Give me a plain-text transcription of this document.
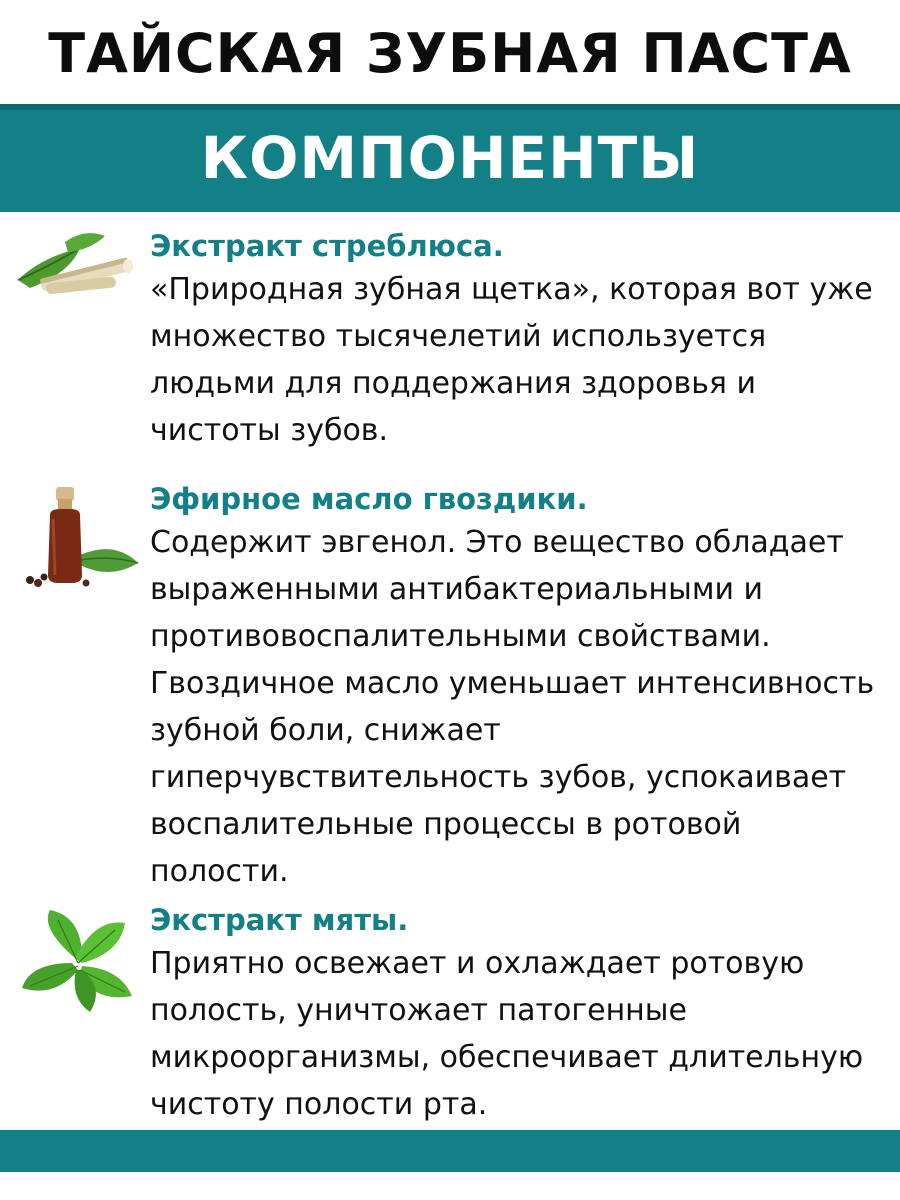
ТАЙСКАЯ ЗУБНАЯ ПАСТА
КОМПОНЕНТЫ
Экстракт стреблюса.

«Природная зубная щетка», которая вот уже множество тысячелетий используется людьми для поддержания здоровья и чистоты зубов.

Эфирное масло гвоздики.

Содержит эвгенол. Это вещество обладает выраженными антибактериальными и противовоспалительными свойствами. Гвоздичное масло уменьшает интенсивность зубной боли, снижает гиперчувствительность зубов, успокаивает воспалительные процессы в ротовой полости.

Экстракт мяты.

Приятно освежает и охлаждает ротовую полость, уничтожает патогенные микроорганизмы, обеспечивает длительную чистоту полости рта.
